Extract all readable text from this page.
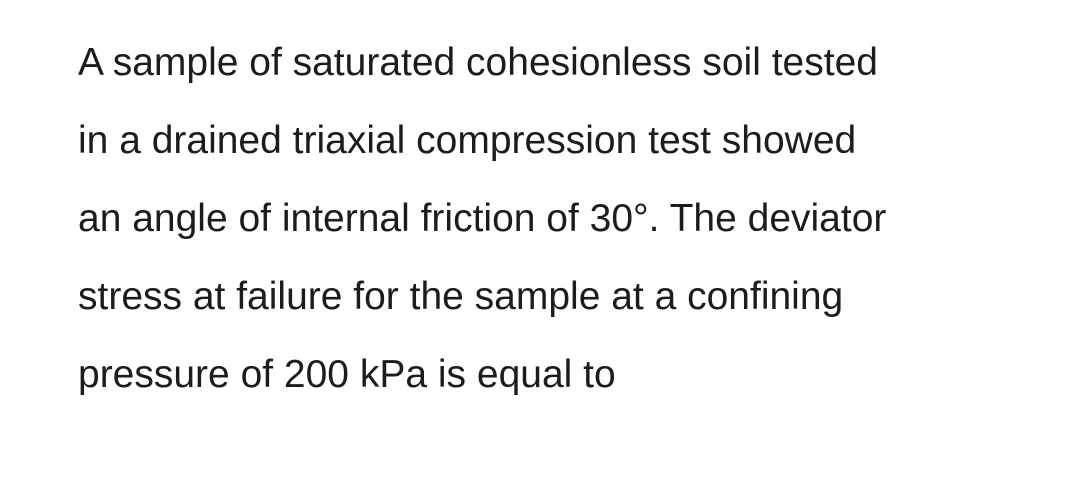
A sample of saturated cohesionless soil tested
in a drained triaxial compression test showed
an angle of internal friction of 30°. The deviator
stress at failure for the sample at a confining
pressure of 200 kPa is equal to
